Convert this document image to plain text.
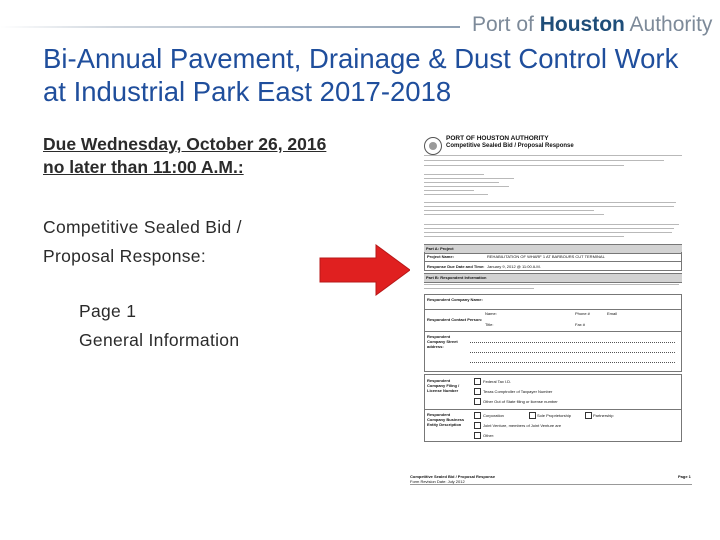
Port of Houston Authority
Bi-Annual Pavement, Drainage & Dust Control Work at Industrial Park East 2017-2018
Due Wednesday, October 26, 2016
no later than 11:00 A.M.:
Competitive Sealed Bid /
Proposal Response:
Page 1
General Information
PORT OF HOUSTON AUTHORITY
Competitive Sealed Bid / Proposal Response
Part A: Project
Project Name:	REHABILITATION OF WHARF 1 AT BARBOURS CUT TERMINAL
Response Due Date and Time: January 9, 2012 @ 11:00 A.M.
Part B: Respondent Information
Respondent Company Name:
Respondent Contact Person:
Name:	Phone #	Email
Title:	Fax #
Respondent Company Street address:
Respondent Company Filing / License Number
Federal Tax I.D.
Texas Comptroller of Taxpayer Number
Other Out of State filing or license number
Respondent Company Business Entity Description
Corporation	Sole Proprietorship	Partnership
Joint Venture, members of Joint Venture are
Other:
Competitive Sealed Bid / Proposal Response
Form Revision Date: July 2012
Page 1
